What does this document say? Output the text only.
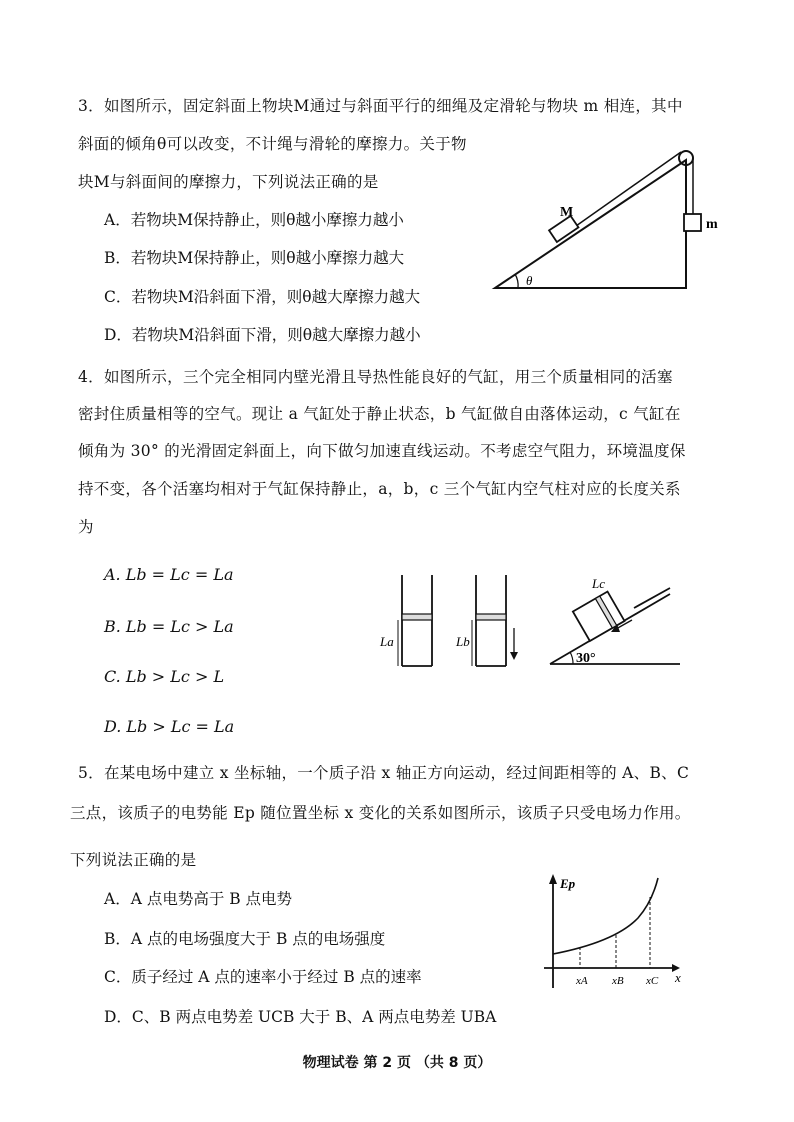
3．如图所示，固定斜面上物块M通过与斜面平行的细绳及定滑轮与物块 m 相连，其中
斜面的倾角θ可以改变，不计绳与滑轮的摩擦力。关于物
块M与斜面间的摩擦力，下列说法正确的是
A．若物块M保持静止，则θ越小摩擦力越小
B．若物块M保持静止，则θ越小摩擦力越大
C．若物块M沿斜面下滑，则θ越大摩擦力越大
D．若物块M沿斜面下滑，则θ越大摩擦力越小
M
m
θ
4．如图所示，三个完全相同内壁光滑且导热性能良好的气缸，用三个质量相同的活塞
密封住质量相等的空气。现让 a 气缸处于静止状态，b 气缸做自由落体运动，c 气缸在
倾角为 30° 的光滑固定斜面上，向下做匀加速直线运动。不考虑空气阻力，环境温度保
持不变，各个活塞均相对于气缸保持静止，a，b，c 三个气缸内空气柱对应的长度关系
为
A. Lb = Lc = La
B. Lb = Lc > La
C. Lb > Lc > L
D. Lb > Lc = La
La	Lb
Lc
30°
5．在某电场中建立 x 坐标轴，一个质子沿 x 轴正方向运动，经过间距相等的 A、B、C
三点，该质子的电势能 Ep 随位置坐标 x 变化的关系如图所示，该质子只受电场力作用。
下列说法正确的是
A．A 点电势高于 B 点电势
B．A 点的电场强度大于 B 点的电场强度
C．质子经过 A 点的速率小于经过 B 点的速率
D．C、B 两点电势差 UCB 大于 B、A 两点电势差 UBA
Ep
x
xA xB xC
物理试卷 第 2 页 （共 8 页）
